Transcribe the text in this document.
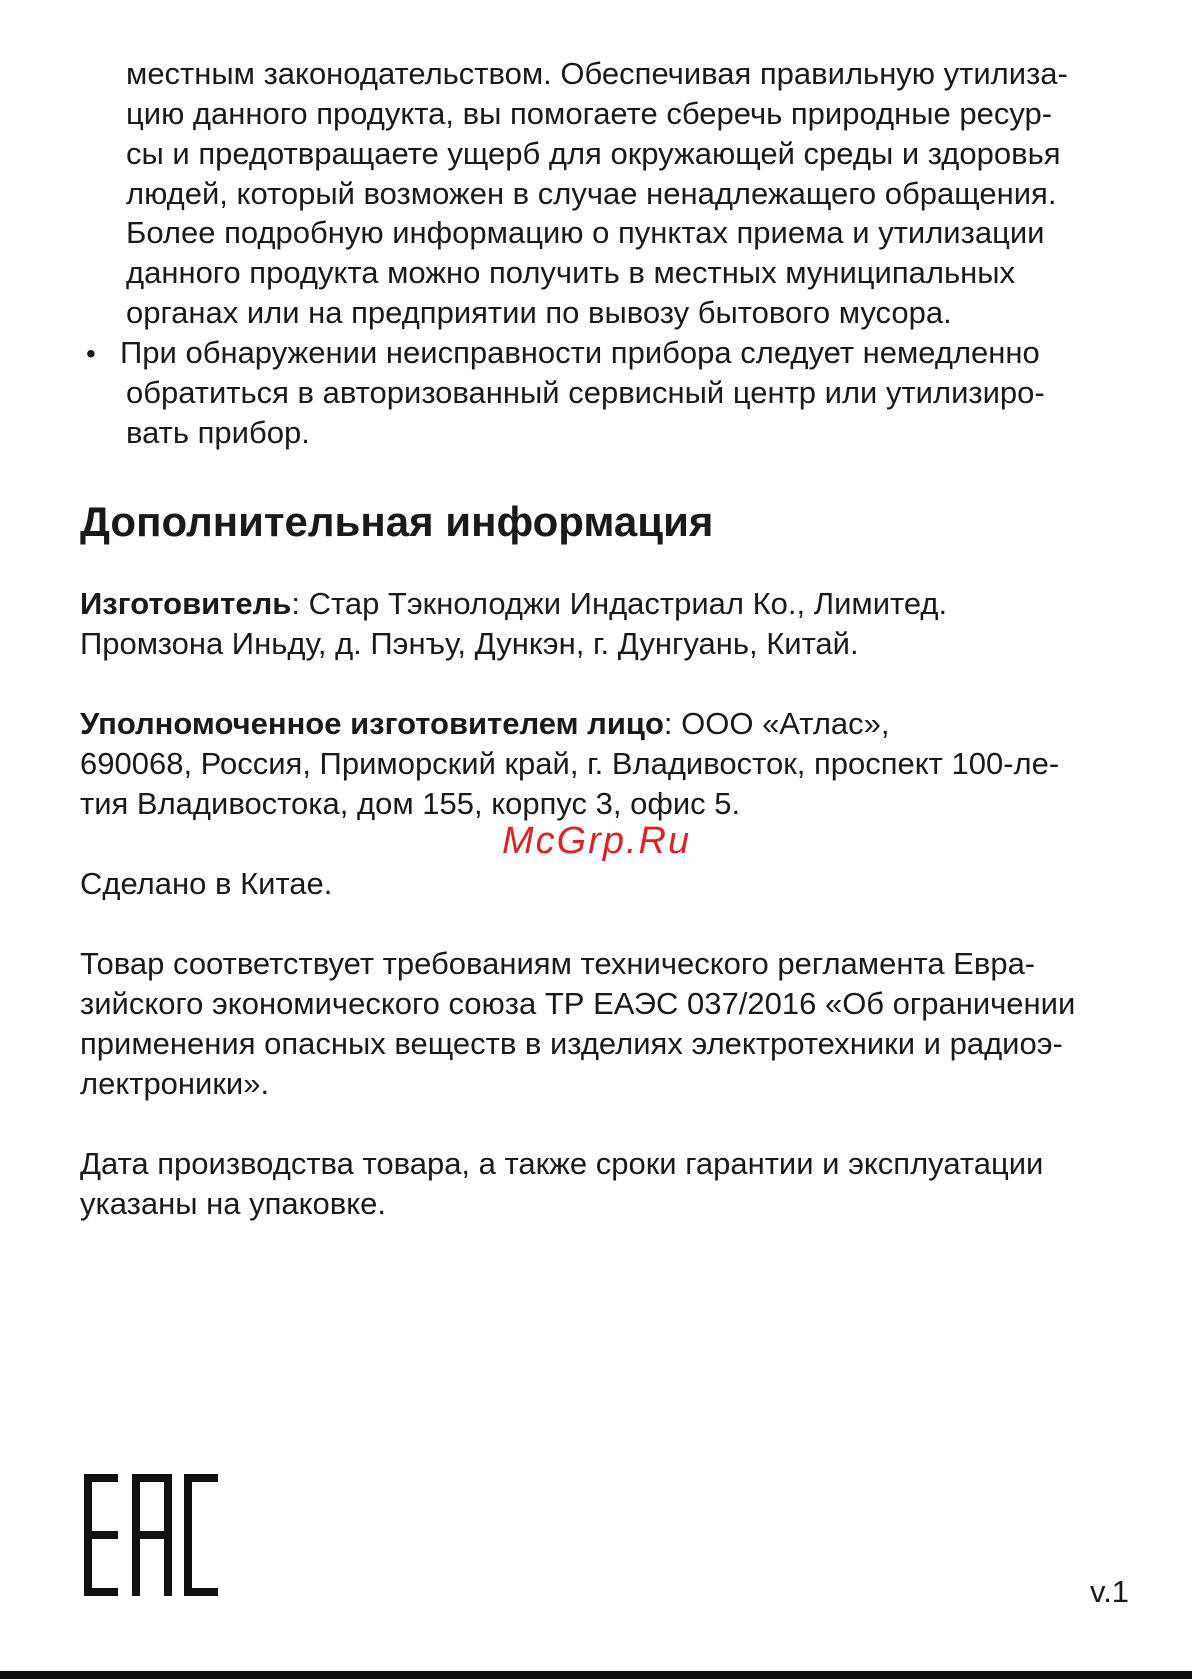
местным законодательством. Обеспечивая правильную утилиза-
цию данного продукта, вы помогаете сберечь природные ресур-
сы и предотвращаете ущерб для окружающей среды и здоровья
людей, который возможен в случае ненадлежащего обращения.
Более подробную информацию о пунктах приема и утилизации
данного продукта можно получить в местных муниципальных
органах или на предприятии по вывозу бытового мусора.
• При обнаружении неисправности прибора следует немедленно
обратиться в авторизованный сервисный центр или утилизиро-
вать прибор.
Дополнительная информация
Изготовитель: Стар Тэкнолоджи Индастриал Ко., Лимитед.
Промзона Иньду, д. Пэнъу, Дункэн, г. Дунгуань, Китай.
Уполномоченное изготовителем лицо: ООО «Атлас»,
690068, Россия, Приморский край, г. Владивосток, проспект 100-ле-
тия Владивостока, дом 155, корпус 3, офис 5.
McGrp.Ru
Сделано в Китае.
Товар соответствует требованиям технического регламента Евра-
зийского экономического союза ТР ЕАЭС 037/2016 «Об ограничении
применения опасных веществ в изделиях электротехники и радиоэ-
лектроники».
Дата производства товара, а также сроки гарантии и эксплуатации
указаны на упаковке.
v.1
